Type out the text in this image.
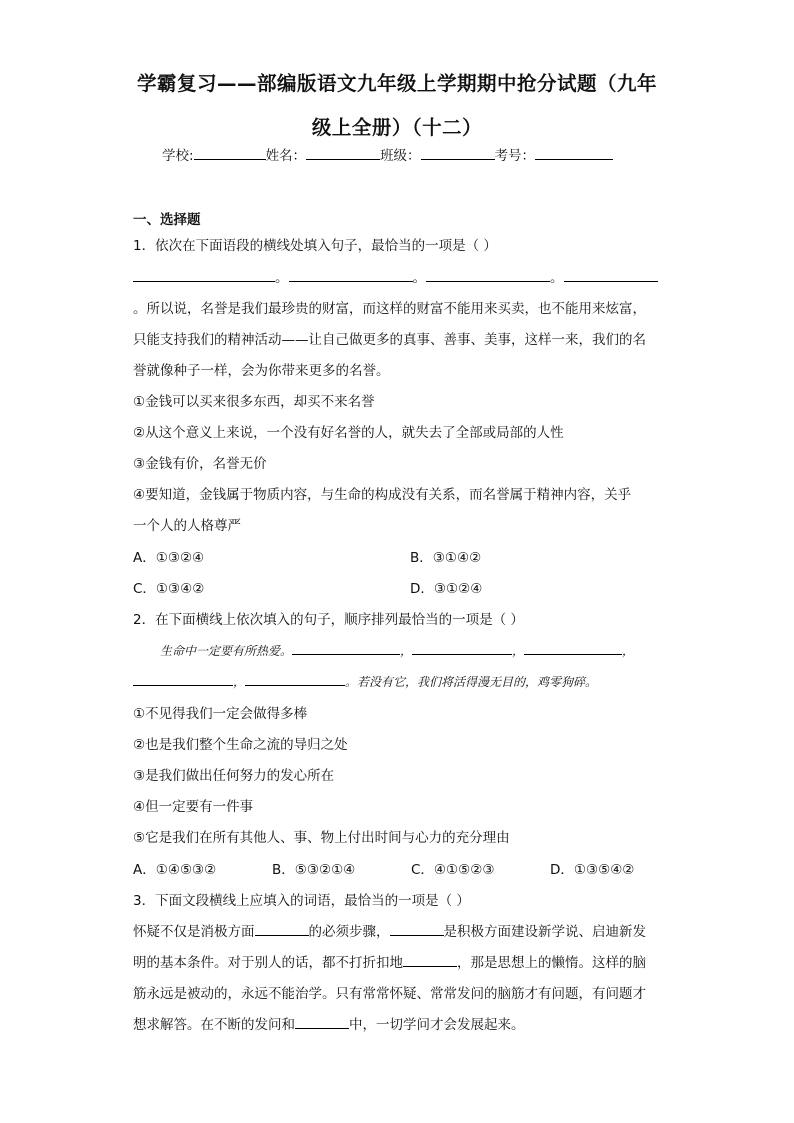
学霸复习——部编版语文九年级上学期期中抢分试题（九年
级上全册）（十二）
学校:	姓名：	班级：	考号：
一、选择题
1．依次在下面语段的横线处填入句子，最恰当的一项是（ ）
。	。	。
。所以说，名誉是我们最珍贵的财富，而这样的财富不能用来买卖，也不能用来炫富，
只能支持我们的精神活动——让自己做更多的真事、善事、美事，这样一来，我们的名
誉就像种子一样，会为你带来更多的名誉。
①金钱可以买来很多东西，却买不来名誉
②从这个意义上来说，一个没有好名誉的人，就失去了全部或局部的人性
③金钱有价，名誉无价
④要知道，金钱属于物质内容，与生命的构成没有关系，而名誉属于精神内容，关乎
一个人的人格尊严
A．①③②④	B．③①④②
C．①③④②	D．③①②④
2．在下面横线上依次填入的句子，顺序排列最恰当的一项是（ ）
生命中一定要有所热爱。	，	，	，
，	。若没有它，我们将活得漫无目的，鸡零狗碎。
①不见得我们一定会做得多棒
②也是我们整个生命之流的导归之处
③是我们做出任何努力的发心所在
④但一定要有一件事
⑤它是我们在所有其他人、事、物上付出时间与心力的充分理由
A．①④⑤③②	B．⑤③②①④	C．④①⑤②③	D．①③⑤④②
3．下面文段横线上应填入的词语，最恰当的一项是（ ）
怀疑不仅是消极方面	的必须步骤，	是积极方面建设新学说、启迪新发
明的基本条件。对于别人的话，都不打折扣地	，那是思想上的懒惰。这样的脑
筋永远是被动的，永远不能治学。只有常常怀疑、常常发问的脑筋才有问题，有问题才
想求解答。在不断的发问和	中，一切学问才会发展起来。
